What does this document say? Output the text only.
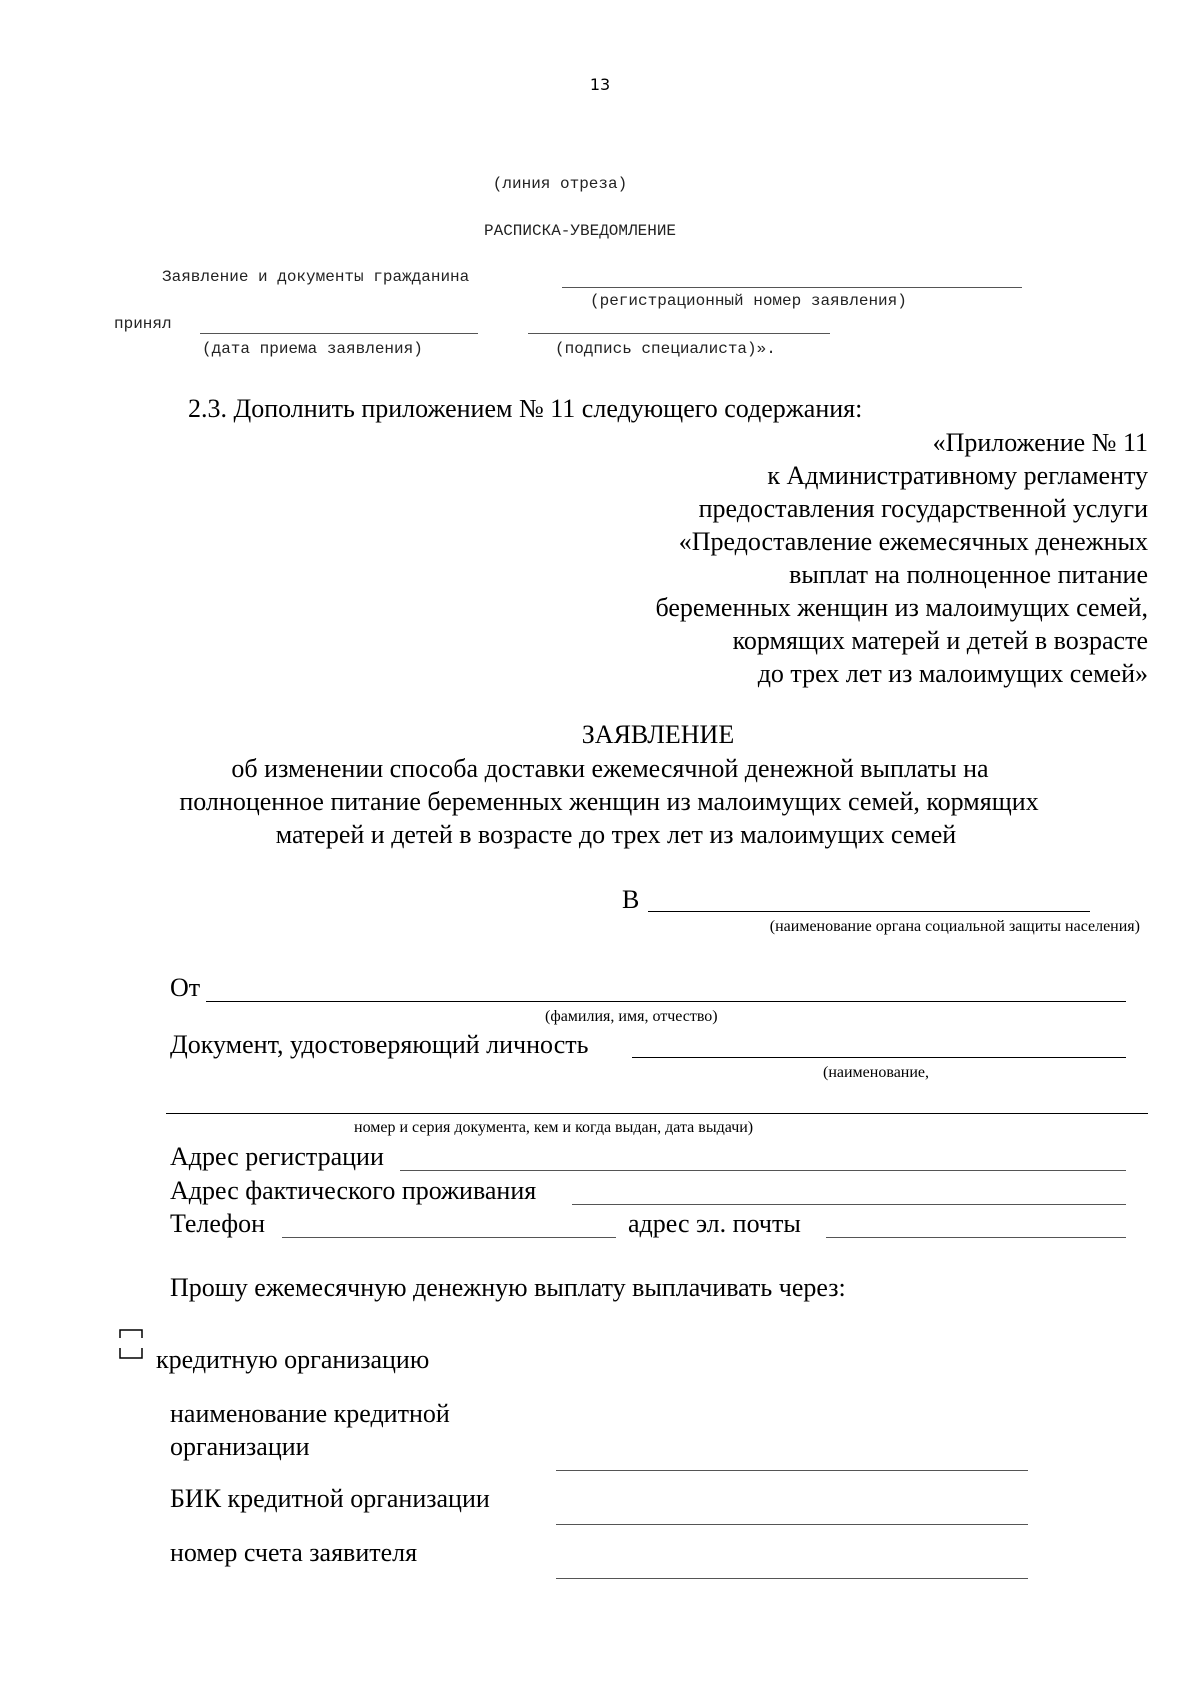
13
(линия отреза)
РАСПИСКА-УВЕДОМЛЕНИЕ
Заявление и документы гражданина
(регистрационный номер заявления)
принял
(дата приема заявления)	(подпись специалиста)».
2.3. Дополнить приложением № 11 следующего содержания:
«Приложение № 11
к Административному регламенту
предоставления государственной услуги
«Предоставление ежемесячных денежных
выплат на полноценное питание
беременных женщин из малоимущих семей,
кормящих матерей и детей в возрасте
до трех лет из малоимущих семей»
ЗАЯВЛЕНИЕ
об изменении способа доставки ежемесячной денежной выплаты на
полноценное питание беременных женщин из малоимущих семей, кормящих
матерей и детей в возрасте до трех лет из малоимущих семей
В
(наименование органа социальной защиты населения)
От
(фамилия, имя, отчество)
Документ, удостоверяющий личность
(наименование,
номер и серия документа, кем и когда выдан, дата выдачи)
Адрес регистрации
Адрес фактического проживания
Телефон	адрес эл. почты
Прошу ежемесячную денежную выплату выплачивать через:
кредитную организацию
наименование кредитной
организации
БИК кредитной организации
номер счета заявителя
